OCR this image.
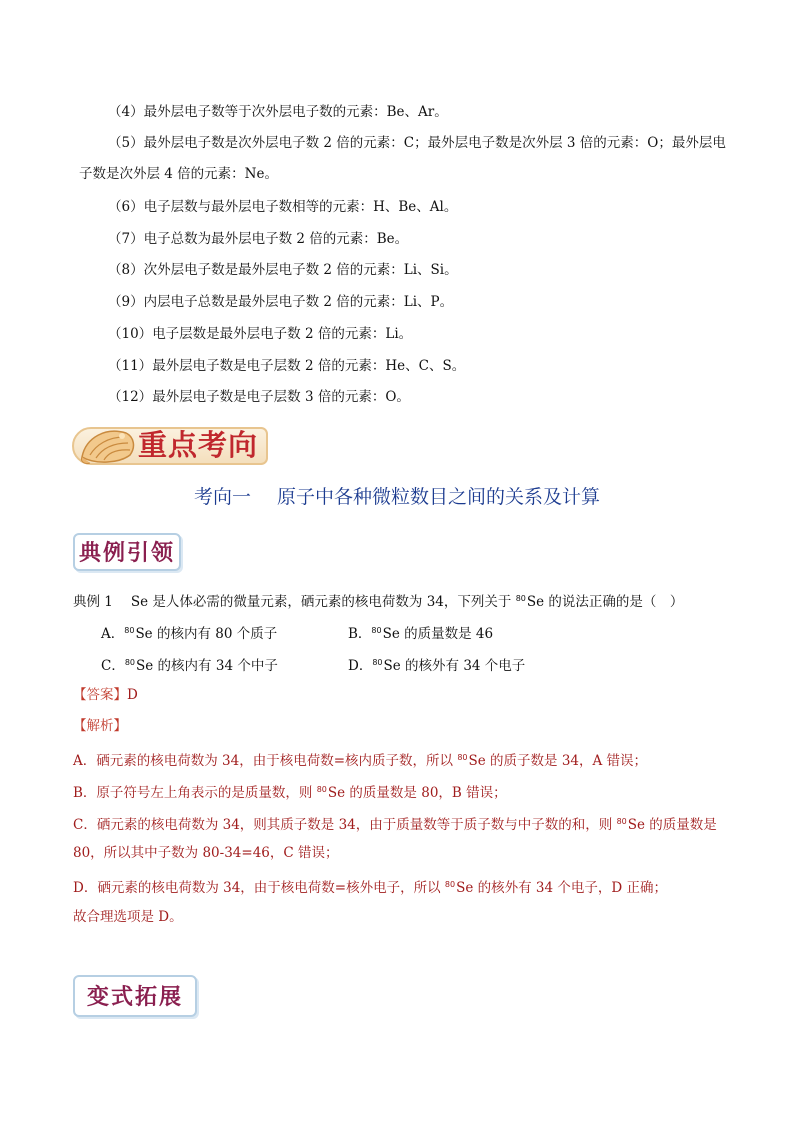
（4）最外层电子数等于次外层电子数的元素：Be、Ar。
（5）最外层电子数是次外层电子数 2 倍的元素：C；最外层电子数是次外层 3 倍的元素：O；最外层电
子数是次外层 4 倍的元素：Ne。
（6）电子层数与最外层电子数相等的元素：H、Be、Al。
（7）电子总数为最外层电子数 2 倍的元素：Be。
（8）次外层电子数是最外层电子数 2 倍的元素：Li、Si。
（9）内层电子总数是最外层电子数 2 倍的元素：Li、P。
（10）电子层数是最外层电子数 2 倍的元素：Li。
（11）最外层电子数是电子层数 2 倍的元素：He、C、S。
（12）最外层电子数是电子层数 3 倍的元素：O。
重点考向
考向一 原子中各种微粒数目之间的关系及计算
典例引领
典例 1 Se 是人体必需的微量元素，硒元素的核电荷数为 34，下列关于 $^{80}$Se 的说法正确的是（　）
A．$^{80}$Se 的核内有 80 个质子	B．$^{80}$Se 的质量数是 46
C．$^{80}$Se 的核内有 34 个中子	D．$^{80}$Se 的核外有 34 个电子
【答案】D
【解析】
A．硒元素的核电荷数为 34，由于核电荷数=核内质子数，所以 $^{80}$Se 的质子数是 34，A 错误；
B．原子符号左上角表示的是质量数，则 $^{80}$Se 的质量数是 80，B 错误；
C．硒元素的核电荷数为 34，则其质子数是 34，由于质量数等于质子数与中子数的和，则 $^{80}$Se 的质量数是
80，所以其中子数为 80-34=46，C 错误；
D．硒元素的核电荷数为 34，由于核电荷数=核外电子，所以 $^{80}$Se 的核外有 34 个电子，D 正确；
故合理选项是 D。
变式拓展
